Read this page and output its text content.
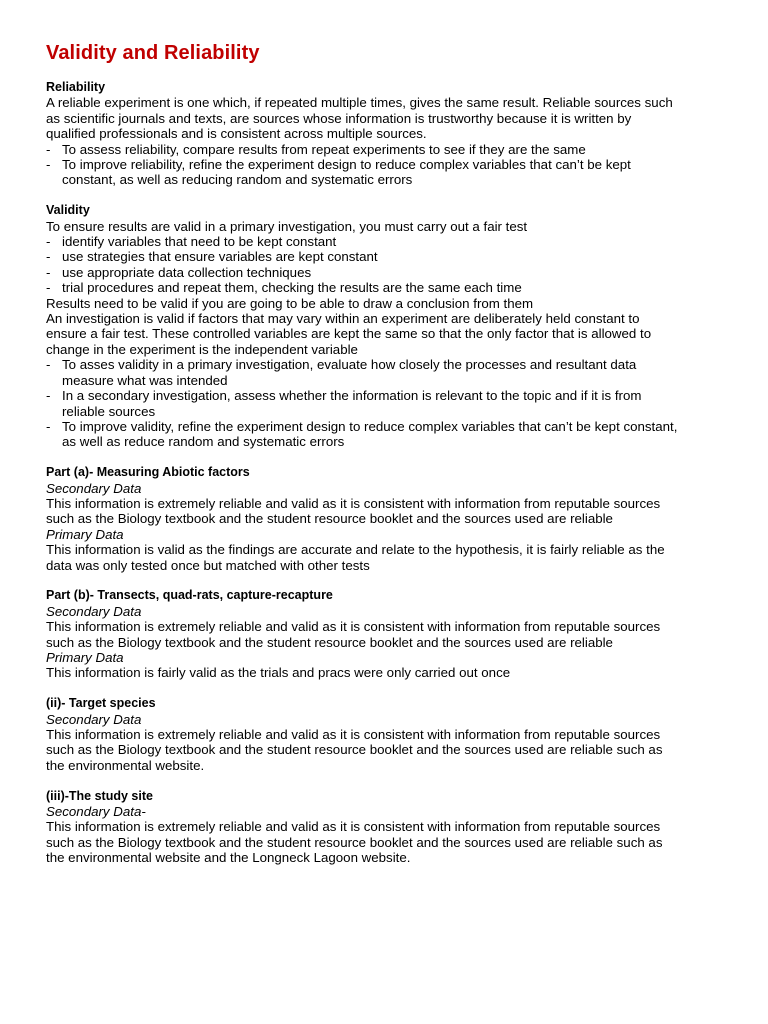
Validity and Reliability
Reliability
A reliable experiment is one which, if repeated multiple times, gives the same result. Reliable sources such
as scientific journals and texts, are sources whose information is trustworthy because it is written by
qualified professionals and is consistent across multiple sources.
- To assess reliability, compare results from repeat experiments to see if they are the same
- To improve reliability, refine the experiment design to reduce complex variables that can’t be kept
constant, as well as reducing random and systematic errors
Validity
To ensure results are valid in a primary investigation, you must carry out a fair test
- identify variables that need to be kept constant
- use strategies that ensure variables are kept constant
- use appropriate data collection techniques
- trial procedures and repeat them, checking the results are the same each time
Results need to be valid if you are going to be able to draw a conclusion from them
An investigation is valid if factors that may vary within an experiment are deliberately held constant to
ensure a fair test. These controlled variables are kept the same so that the only factor that is allowed to
change in the experiment is the independent variable
- To asses validity in a primary investigation, evaluate how closely the processes and resultant data
measure what was intended
- In a secondary investigation, assess whether the information is relevant to the topic and if it is from
reliable sources
- To improve validity, refine the experiment design to reduce complex variables that can’t be kept constant,
as well as reduce random and systematic errors
Part (a)- Measuring Abiotic factors
Secondary Data
This information is extremely reliable and valid as it is consistent with information from reputable sources
such as the Biology textbook and the student resource booklet and the sources used are reliable
Primary Data
This information is valid as the findings are accurate and relate to the hypothesis, it is fairly reliable as the
data was only tested once but matched with other tests
Part (b)- Transects, quad-rats, capture-recapture
Secondary Data
This information is extremely reliable and valid as it is consistent with information from reputable sources
such as the Biology textbook and the student resource booklet and the sources used are reliable
Primary Data
This information is fairly valid as the trials and pracs were only carried out once
(ii)- Target species
Secondary Data
This information is extremely reliable and valid as it is consistent with information from reputable sources
such as the Biology textbook and the student resource booklet and the sources used are reliable such as
the environmental website.
(iii)-The study site
Secondary Data-
This information is extremely reliable and valid as it is consistent with information from reputable sources
such as the Biology textbook and the student resource booklet and the sources used are reliable such as
the environmental website and the Longneck Lagoon website.
